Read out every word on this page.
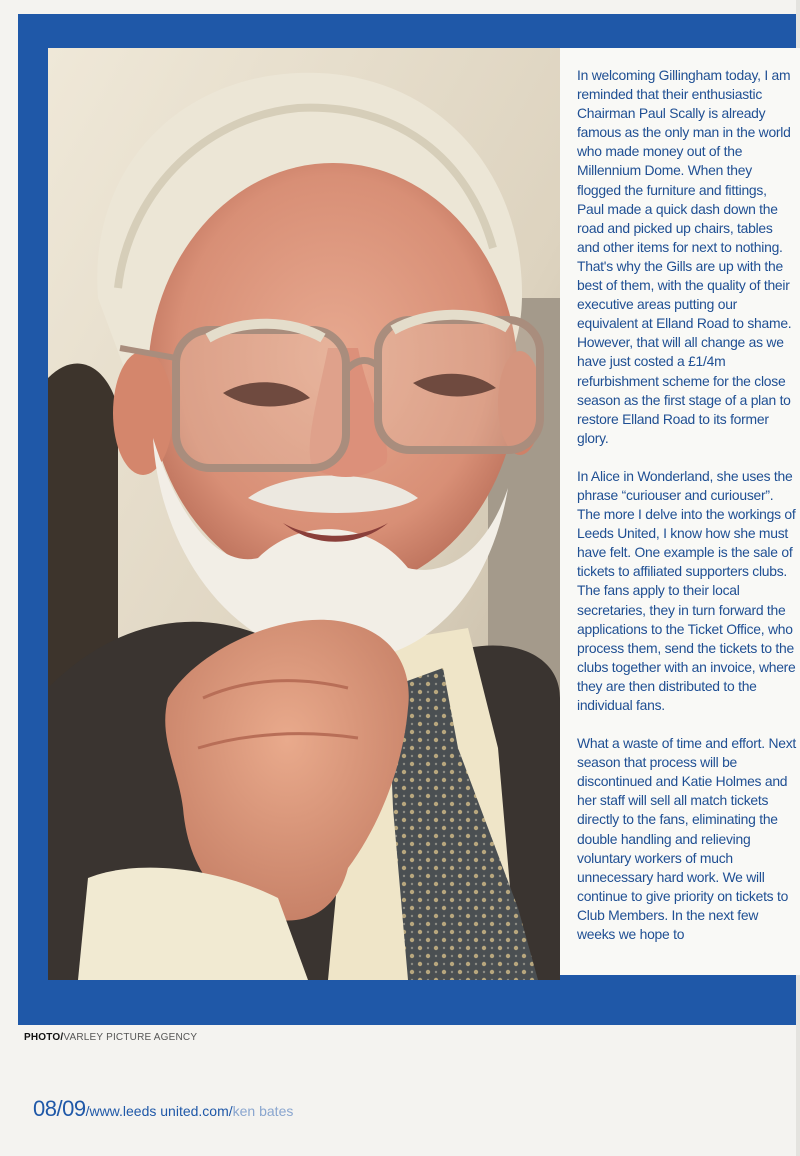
In welcoming Gillingham today, I am reminded that their enthusiastic Chairman Paul Scally is already famous as the only man in the world who made money out of the Millennium Dome. When they flogged the furniture and fittings, Paul made a quick dash down the road and picked up chairs, tables and other items for next to nothing. That's why the Gills are up with the best of them, with the quality of their executive areas putting our equivalent at Elland Road to shame. However, that will all change as we have just costed a £1/4m refurbishment scheme for the close season as the first stage of a plan to restore Elland Road to its former glory.

In Alice in Wonderland, she uses the phrase “curiouser and curiouser”. The more I delve into the workings of Leeds United, I know how she must have felt. One example is the sale of tickets to affiliated supporters clubs. The fans apply to their local secretaries, they in turn forward the applications to the Ticket Office, who process them, send the tickets to the clubs together with an invoice, where they are then distributed to the individual fans.

What a waste of time and effort. Next season that process will be discontinued and Katie Holmes and her staff will sell all match tickets directly to the fans, eliminating the double handling and relieving voluntary workers of much unnecessary hard work. We will continue to give priority on tickets to Club Members. In the next few weeks we hope to

PHOTO/VARLEY PICTURE AGENCY
08/09/www.leeds united.com/ken bates
